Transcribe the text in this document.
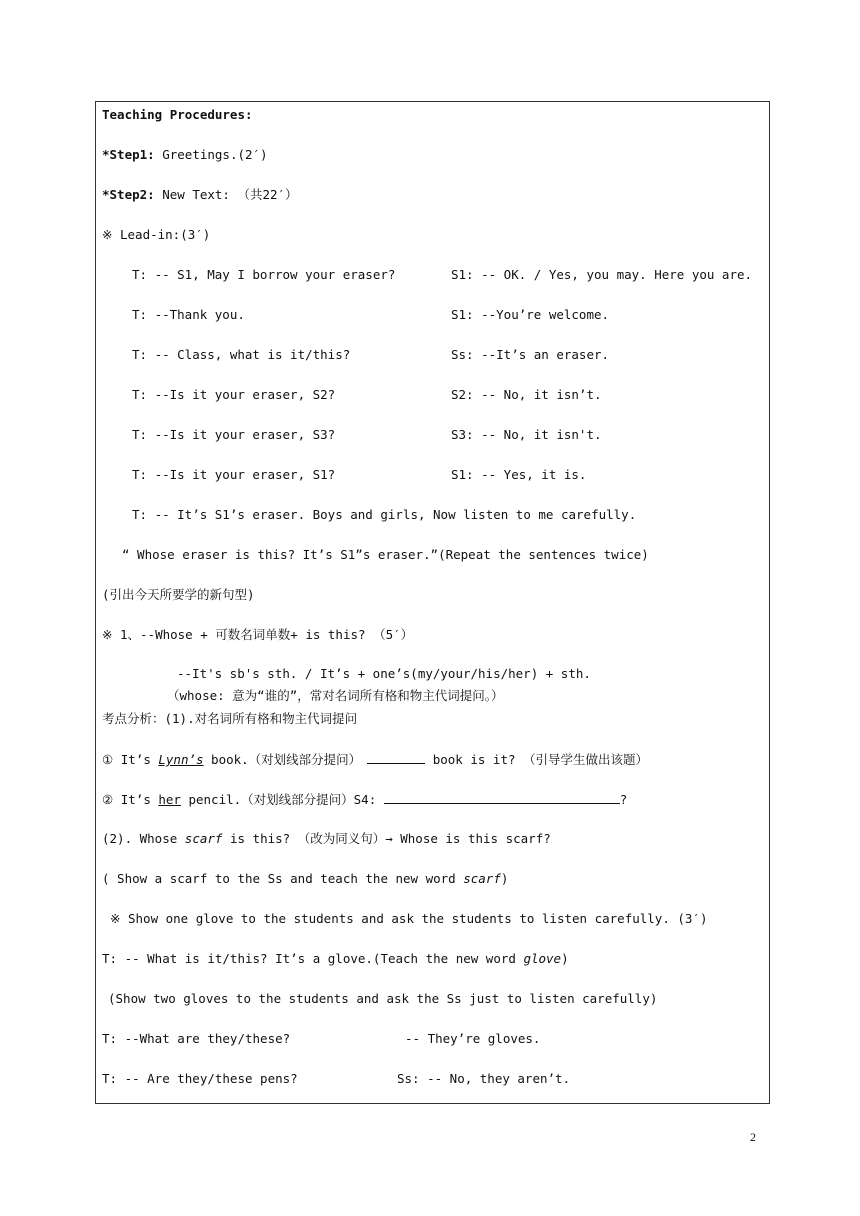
Teaching Procedures:
*Step1: Greetings.(2′)
*Step2: New Text: （共22′）
※ Lead-in:(3′)
T: -- S1, May I borrow your eraser?	S1: -- OK. / Yes, you may. Here you are.
T: --Thank you.	S1: --You’re welcome.
T: -- Class, what is it/this?	Ss: --It’s an eraser.
T: --Is it your eraser, S2?	S2: -- No, it isn’t.
T: --Is it your eraser, S3?	S3: -- No, it isn't.
T: --Is it your eraser, S1?	S1: -- Yes, it is.
T: -- It’s S1’s eraser. Boys and girls, Now listen to me carefully.
“ Whose eraser is this? It’s S1”s eraser.”(Repeat the sentences twice)
(引出今天所要学的新句型)
※ 1、--Whose + 可数名词单数+ is this? （5′）
--It's sb's sth. / It’s + one’s(my/your/his/her) + sth.
（whose: 意为“谁的”，常对名词所有格和物主代词提问。）
考点分析：(1).对名词所有格和物主代词提问
① It’s Lynn’s book.（对划线部分提问）	book is it? （引导学生做出该题）
② It’s her pencil.（对划线部分提问）S4:	?
(2). Whose scarf is this? （改为同义句）→ Whose is this scarf?
( Show a scarf to the Ss and teach the new word scarf)
※ Show one glove to the students and ask the students to listen carefully. (3′)
T: -- What is it/this? It’s a glove.(Teach the new word glove)
(Show two gloves to the students and ask the Ss just to listen carefully)
T: --What are they/these?	-- They’re gloves.
T: -- Are they/these pens?	Ss: -- No, they aren’t.
2
